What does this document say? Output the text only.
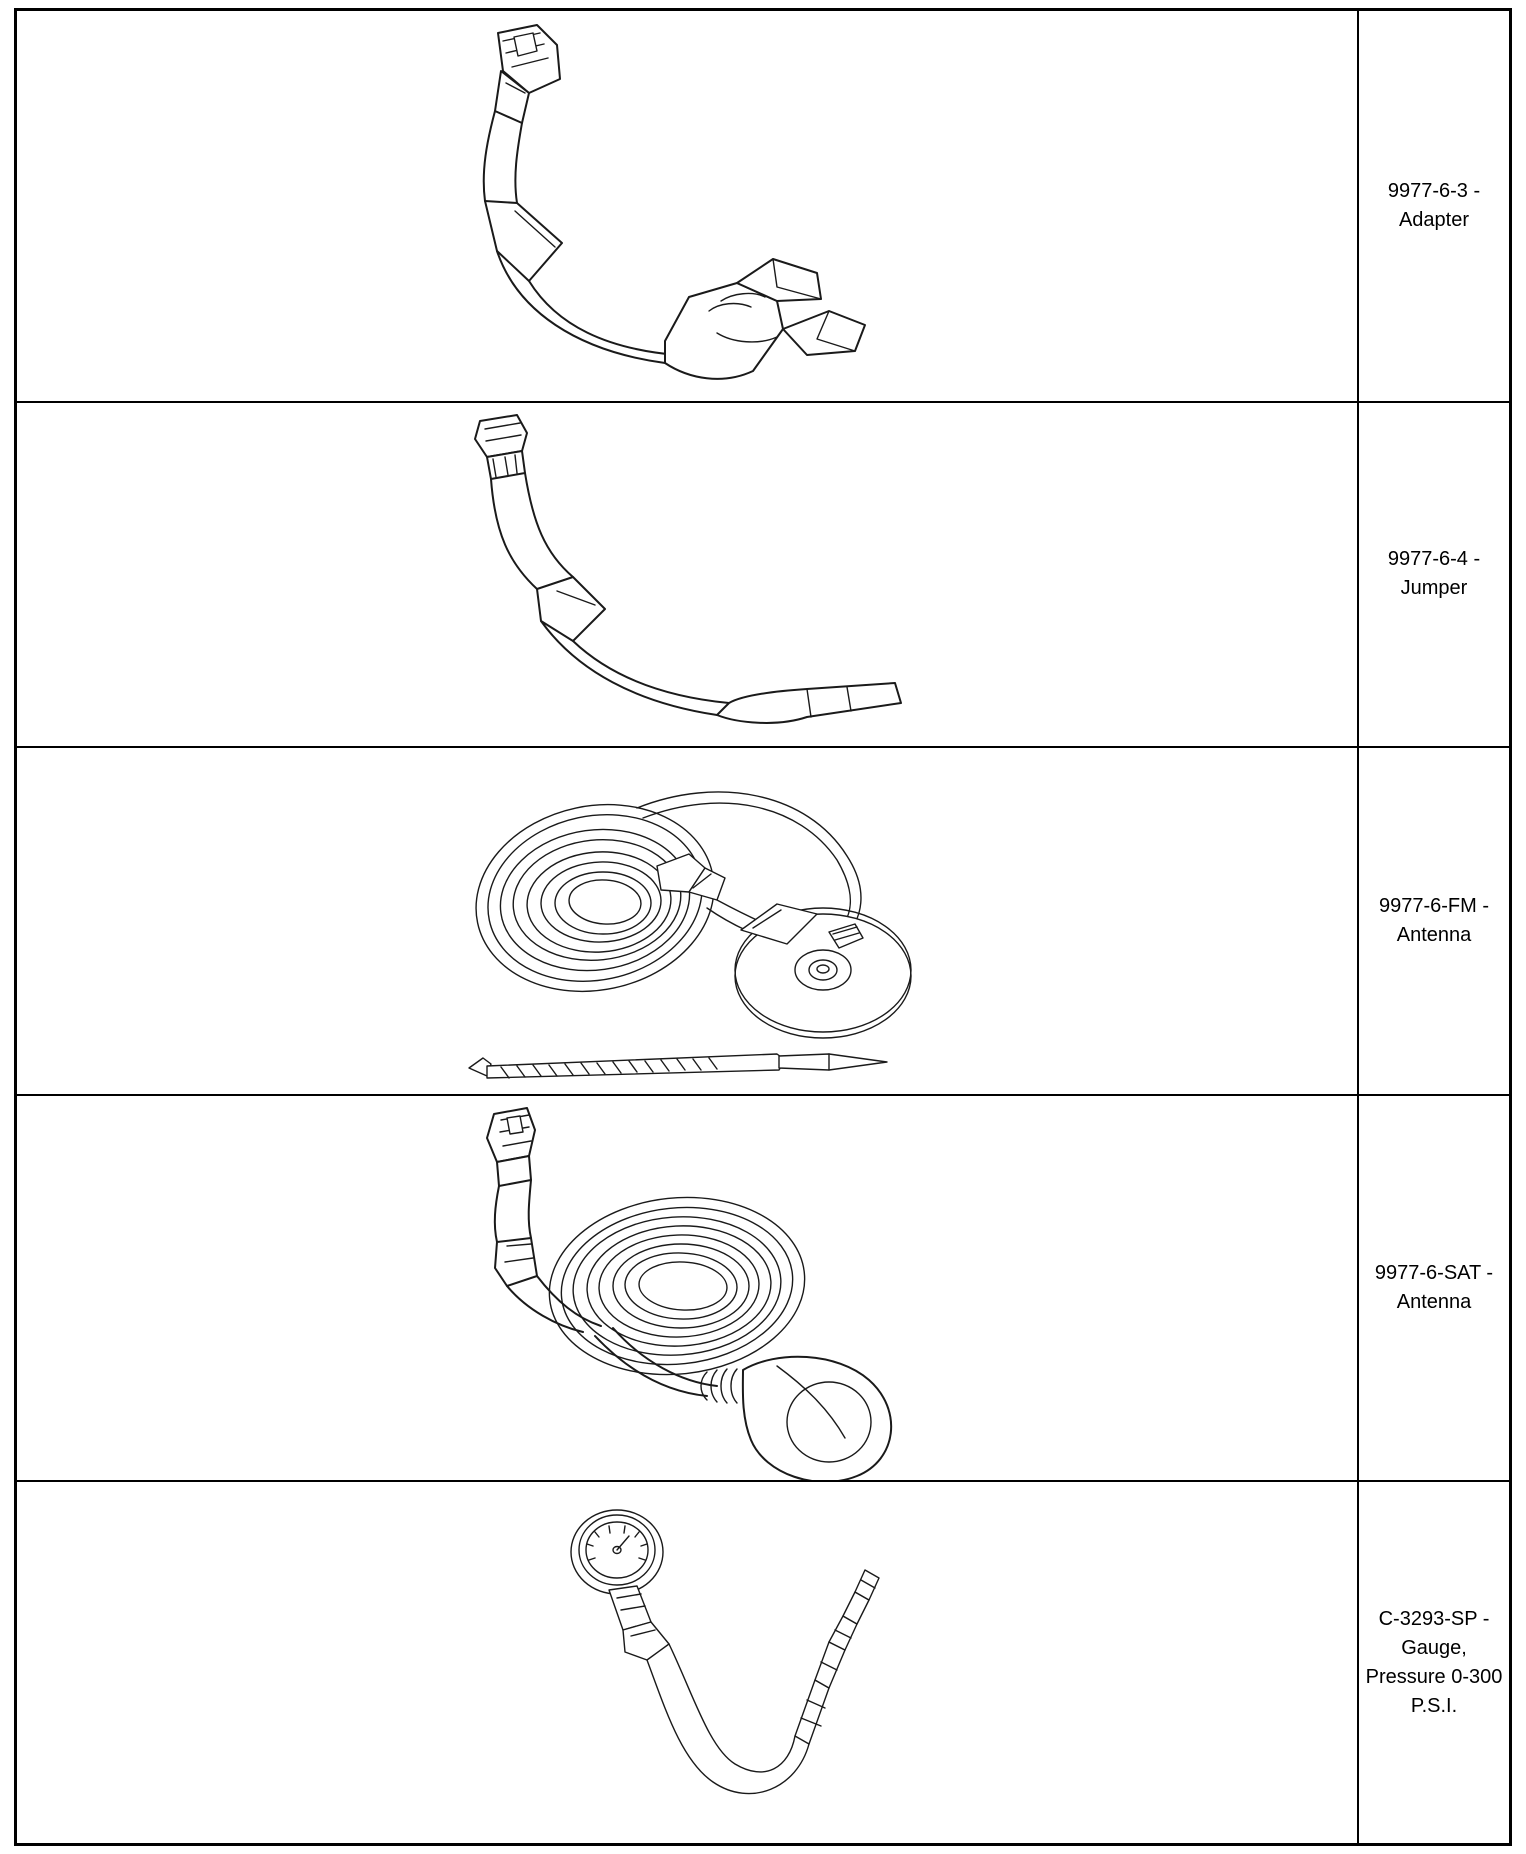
9977-6-3 - Adapter
9977-6-4 - Jumper
9977-6-FM - Antenna
9977-6-SAT - Antenna
C-3293-SP - Gauge, Pressure 0-300 P.S.I.
